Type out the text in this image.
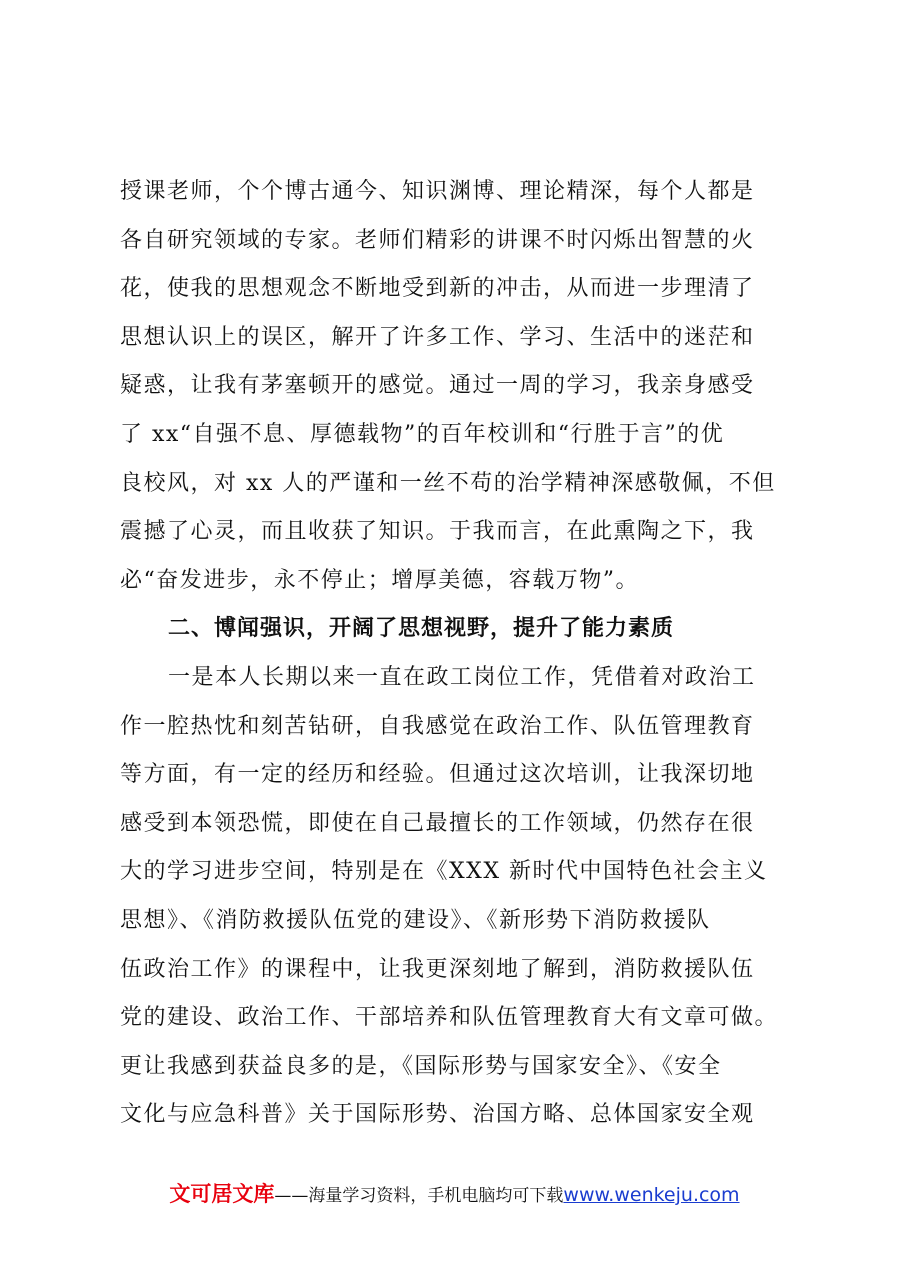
授课老师，个个博古通今、知识渊博、理论精深，每个人都是
各自研究领域的专家。老师们精彩的讲课不时闪烁出智慧的火
花，使我的思想观念不断地受到新的冲击，从而进一步理清了
思想认识上的误区，解开了许多工作、学习、生活中的迷茫和
疑惑，让我有茅塞顿开的感觉。通过一周的学习，我亲身感受
了 xx“自强不息、厚德载物”的百年校训和“行胜于言”的优
良校风，对 xx 人的严谨和一丝不苟的治学精神深感敬佩，不但
震撼了心灵，而且收获了知识。于我而言，在此熏陶之下，我
必“奋发进步，永不停止；增厚美德，容载万物”。
二、博闻强识，开阔了思想视野，提升了能力素质
一是本人长期以来一直在政工岗位工作，凭借着对政治工
作一腔热忱和刻苦钻研，自我感觉在政治工作、队伍管理教育
等方面，有一定的经历和经验。但通过这次培训，让我深切地
感受到本领恐慌，即使在自己最擅长的工作领域，仍然存在很
大的学习进步空间，特别是在《XXX 新时代中国特色社会主义
思想》、《消防救援队伍党的建设》、《新形势下消防救援队
伍政治工作》的课程中，让我更深刻地了解到，消防救援队伍
党的建设、政治工作、干部培养和队伍管理教育大有文章可做。
更让我感到获益良多的是，《国际形势与国家安全》、《安全
文化与应急科普》关于国际形势、治国方略、总体国家安全观
文可居文库——海量学习资料，手机电脑均可下载www.wenkeju.com
